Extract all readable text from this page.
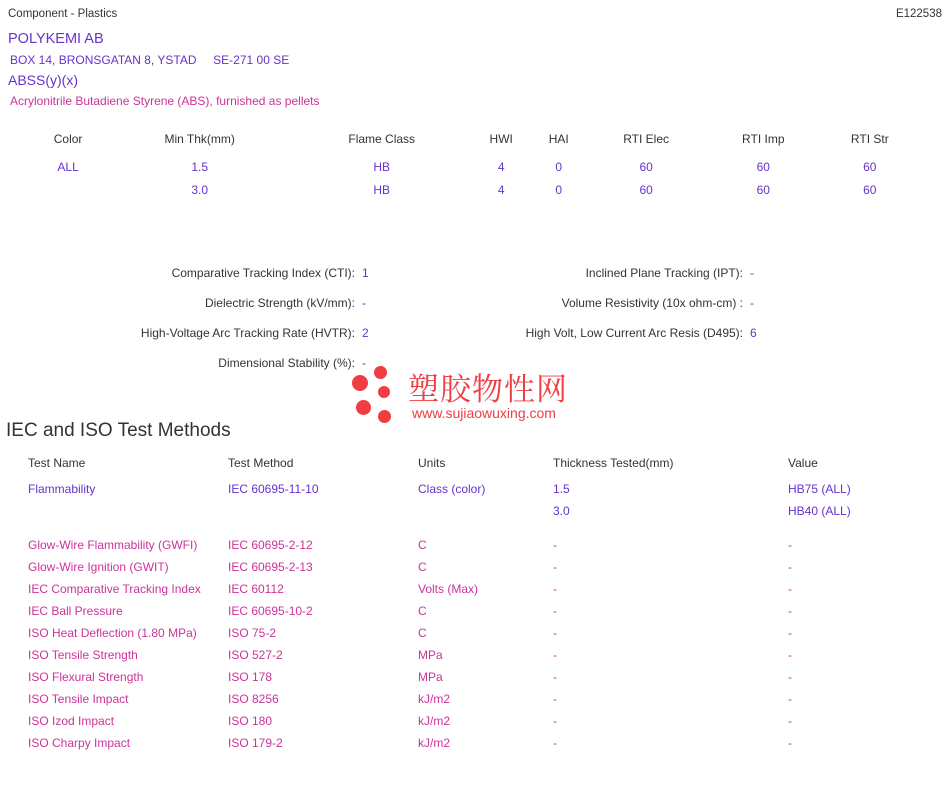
Component - Plastics	E122538
POLYKEMI AB
BOX 14, BRONSGATAN 8, YSTAD     SE-271 00 SE
ABSS(y)(x)
Acrylonitrile Butadiene Styrene (ABS), furnished as pellets
Color	Min Thk(mm)	Flame Class	HWI	HAI	RTI Elec	RTI Imp	RTI Str
ALL	1.5	HB	4	0	60	60	60
	3.0	HB	4	0	60	60	60
Comparative Tracking Index (CTI): 1	Inclined Plane Tracking (IPT): -
Dielectric Strength (kV/mm): -	Volume Resistivity (10x ohm-cm) : -
High-Voltage Arc Tracking Rate (HVTR): 2	High Volt, Low Current Arc Resis (D495): 6
Dimensional Stability (%): -
塑胶物性网
www.sujiaowuxing.com
IEC and ISO Test Methods
Test Name	Test Method	Units	Thickness Tested(mm)	Value
Flammability	IEC 60695-11-10	Class (color)	1.5	HB75 (ALL)
			3.0	HB40 (ALL)

Glow-Wire Flammability (GWFI)	IEC 60695-2-12	C	-	-
Glow-Wire Ignition (GWIT)	IEC 60695-2-13	C	-	-
IEC Comparative Tracking Index	IEC 60112	Volts (Max)	-	-
IEC Ball Pressure	IEC 60695-10-2	C	-	-
ISO Heat Deflection (1.80 MPa)	ISO 75-2	C	-	-
ISO Tensile Strength	ISO 527-2	MPa	-	-
ISO Flexural Strength	ISO 178	MPa	-	-
ISO Tensile Impact	ISO 8256	kJ/m2	-	-
ISO Izod Impact	ISO 180	kJ/m2	-	-
ISO Charpy Impact	ISO 179-2	kJ/m2	-	-
